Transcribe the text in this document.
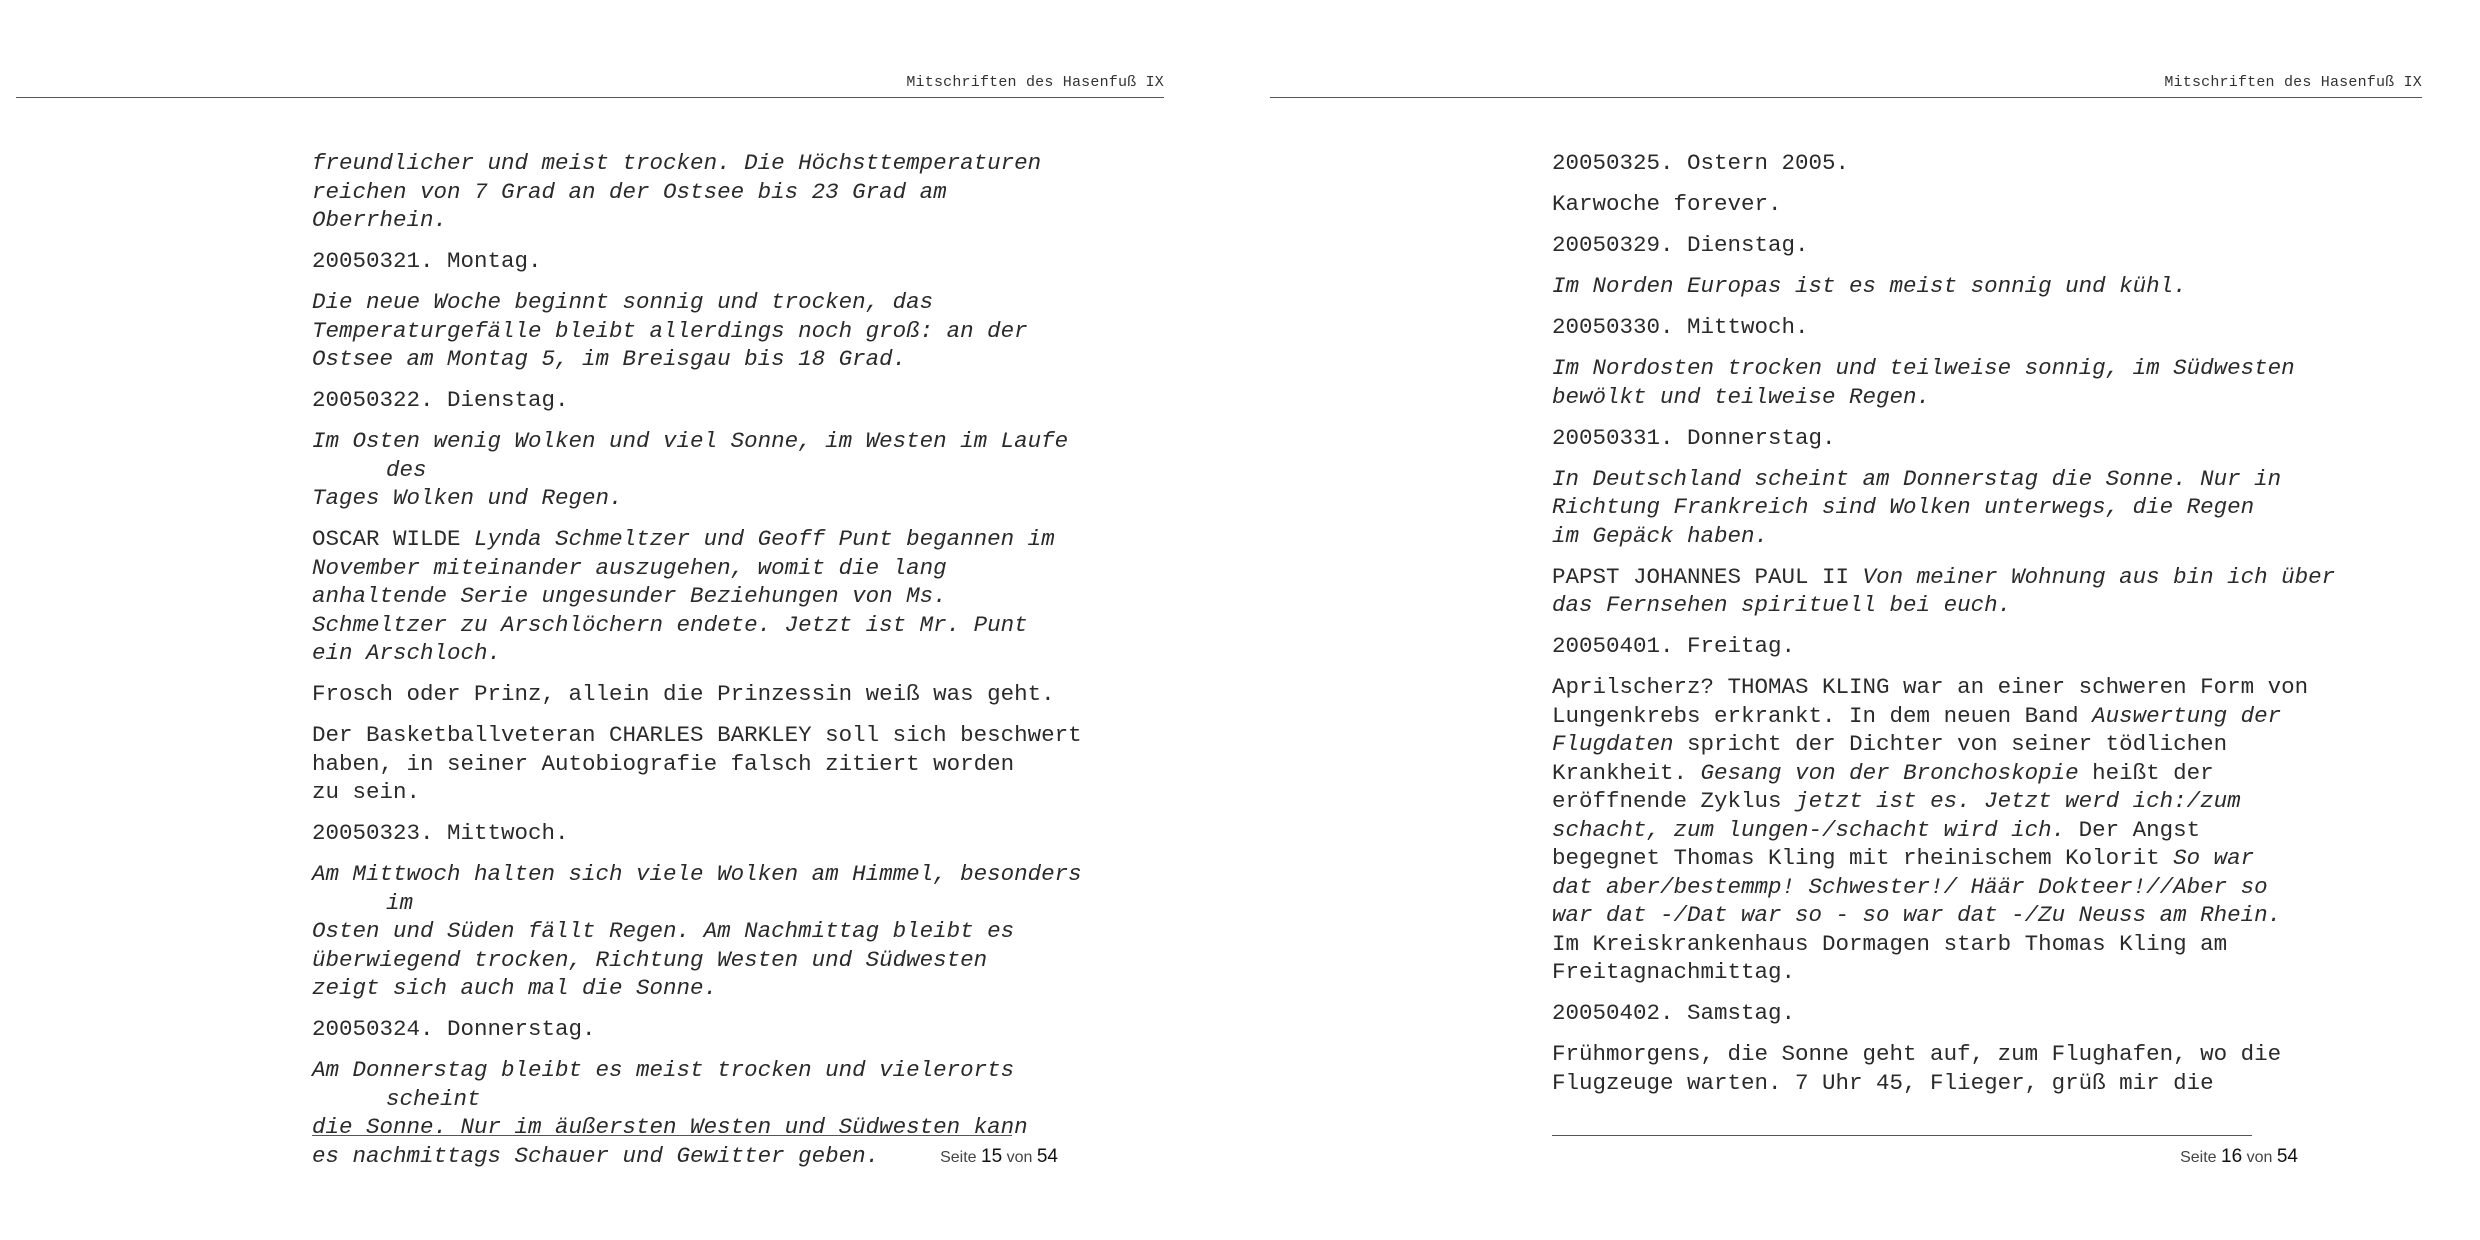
Mitschriften des Hasenfuß IX

freundlicher und meist trocken. Die Höchsttemperaturen
reichen von 7 Grad an der Ostsee bis 23 Grad am
Oberrhein.

20050321. Montag.

Die neue Woche beginnt sonnig und trocken, das
Temperaturgefälle bleibt allerdings noch groß: an der
Ostsee am Montag 5, im Breisgau bis 18 Grad.

20050322. Dienstag.

Im Osten wenig Wolken und viel Sonne, im Westen im Laufe des
Tages Wolken und Regen.

OSCAR WILDE Lynda Schmeltzer und Geoff Punt begannen im
November miteinander auszugehen, womit die lang
anhaltende Serie ungesunder Beziehungen von Ms.
Schmeltzer zu Arschlöchern endete. Jetzt ist Mr. Punt
ein Arschloch.

Frosch oder Prinz, allein die Prinzessin weiß was geht.

Der Basketballveteran CHARLES BARKLEY soll sich beschwert
haben, in seiner Autobiografie falsch zitiert worden
zu sein.

20050323. Mittwoch.

Am Mittwoch halten sich viele Wolken am Himmel, besonders im
Osten und Süden fällt Regen. Am Nachmittag bleibt es
überwiegend trocken, Richtung Westen und Südwesten
zeigt sich auch mal die Sonne.

20050324. Donnerstag.

Am Donnerstag bleibt es meist trocken und vielerorts scheint
die Sonne. Nur im äußersten Westen und Südwesten kann
es nachmittags Schauer und Gewitter geben.	Seite 15 von 54
Mitschriften des Hasenfuß IX

20050325. Ostern 2005.

Karwoche forever.

20050329. Dienstag.

Im Norden Europas ist es meist sonnig und kühl.

20050330. Mittwoch.

Im Nordosten trocken und teilweise sonnig, im Südwesten
bewölkt und teilweise Regen.

20050331. Donnerstag.

In Deutschland scheint am Donnerstag die Sonne. Nur in
Richtung Frankreich sind Wolken unterwegs, die Regen
im Gepäck haben.

PAPST JOHANNES PAUL II Von meiner Wohnung aus bin ich über
das Fernsehen spirituell bei euch.

20050401. Freitag.

Aprilscherz? THOMAS KLING war an einer schweren Form von
Lungenkrebs erkrankt. In dem neuen Band Auswertung der
Flugdaten spricht der Dichter von seiner tödlichen
Krankheit. Gesang von der Bronchoskopie heißt der
eröffnende Zyklus jetzt ist es. Jetzt werd ich:/zum
schacht, zum lungen-/schacht wird ich. Der Angst
begegnet Thomas Kling mit rheinischem Kolorit So war
dat aber/bestemmp! Schwester!/ Häär Dokteer!//Aber so
war dat -/Dat war so - so war dat -/Zu Neuss am Rhein.
Im Kreiskrankenhaus Dormagen starb Thomas Kling am
Freitagnachmittag.

20050402. Samstag.

Frühmorgens, die Sonne geht auf, zum Flughafen, wo die
Flugzeuge warten. 7 Uhr 45, Flieger, grüß mir die

Seite 16 von 54
